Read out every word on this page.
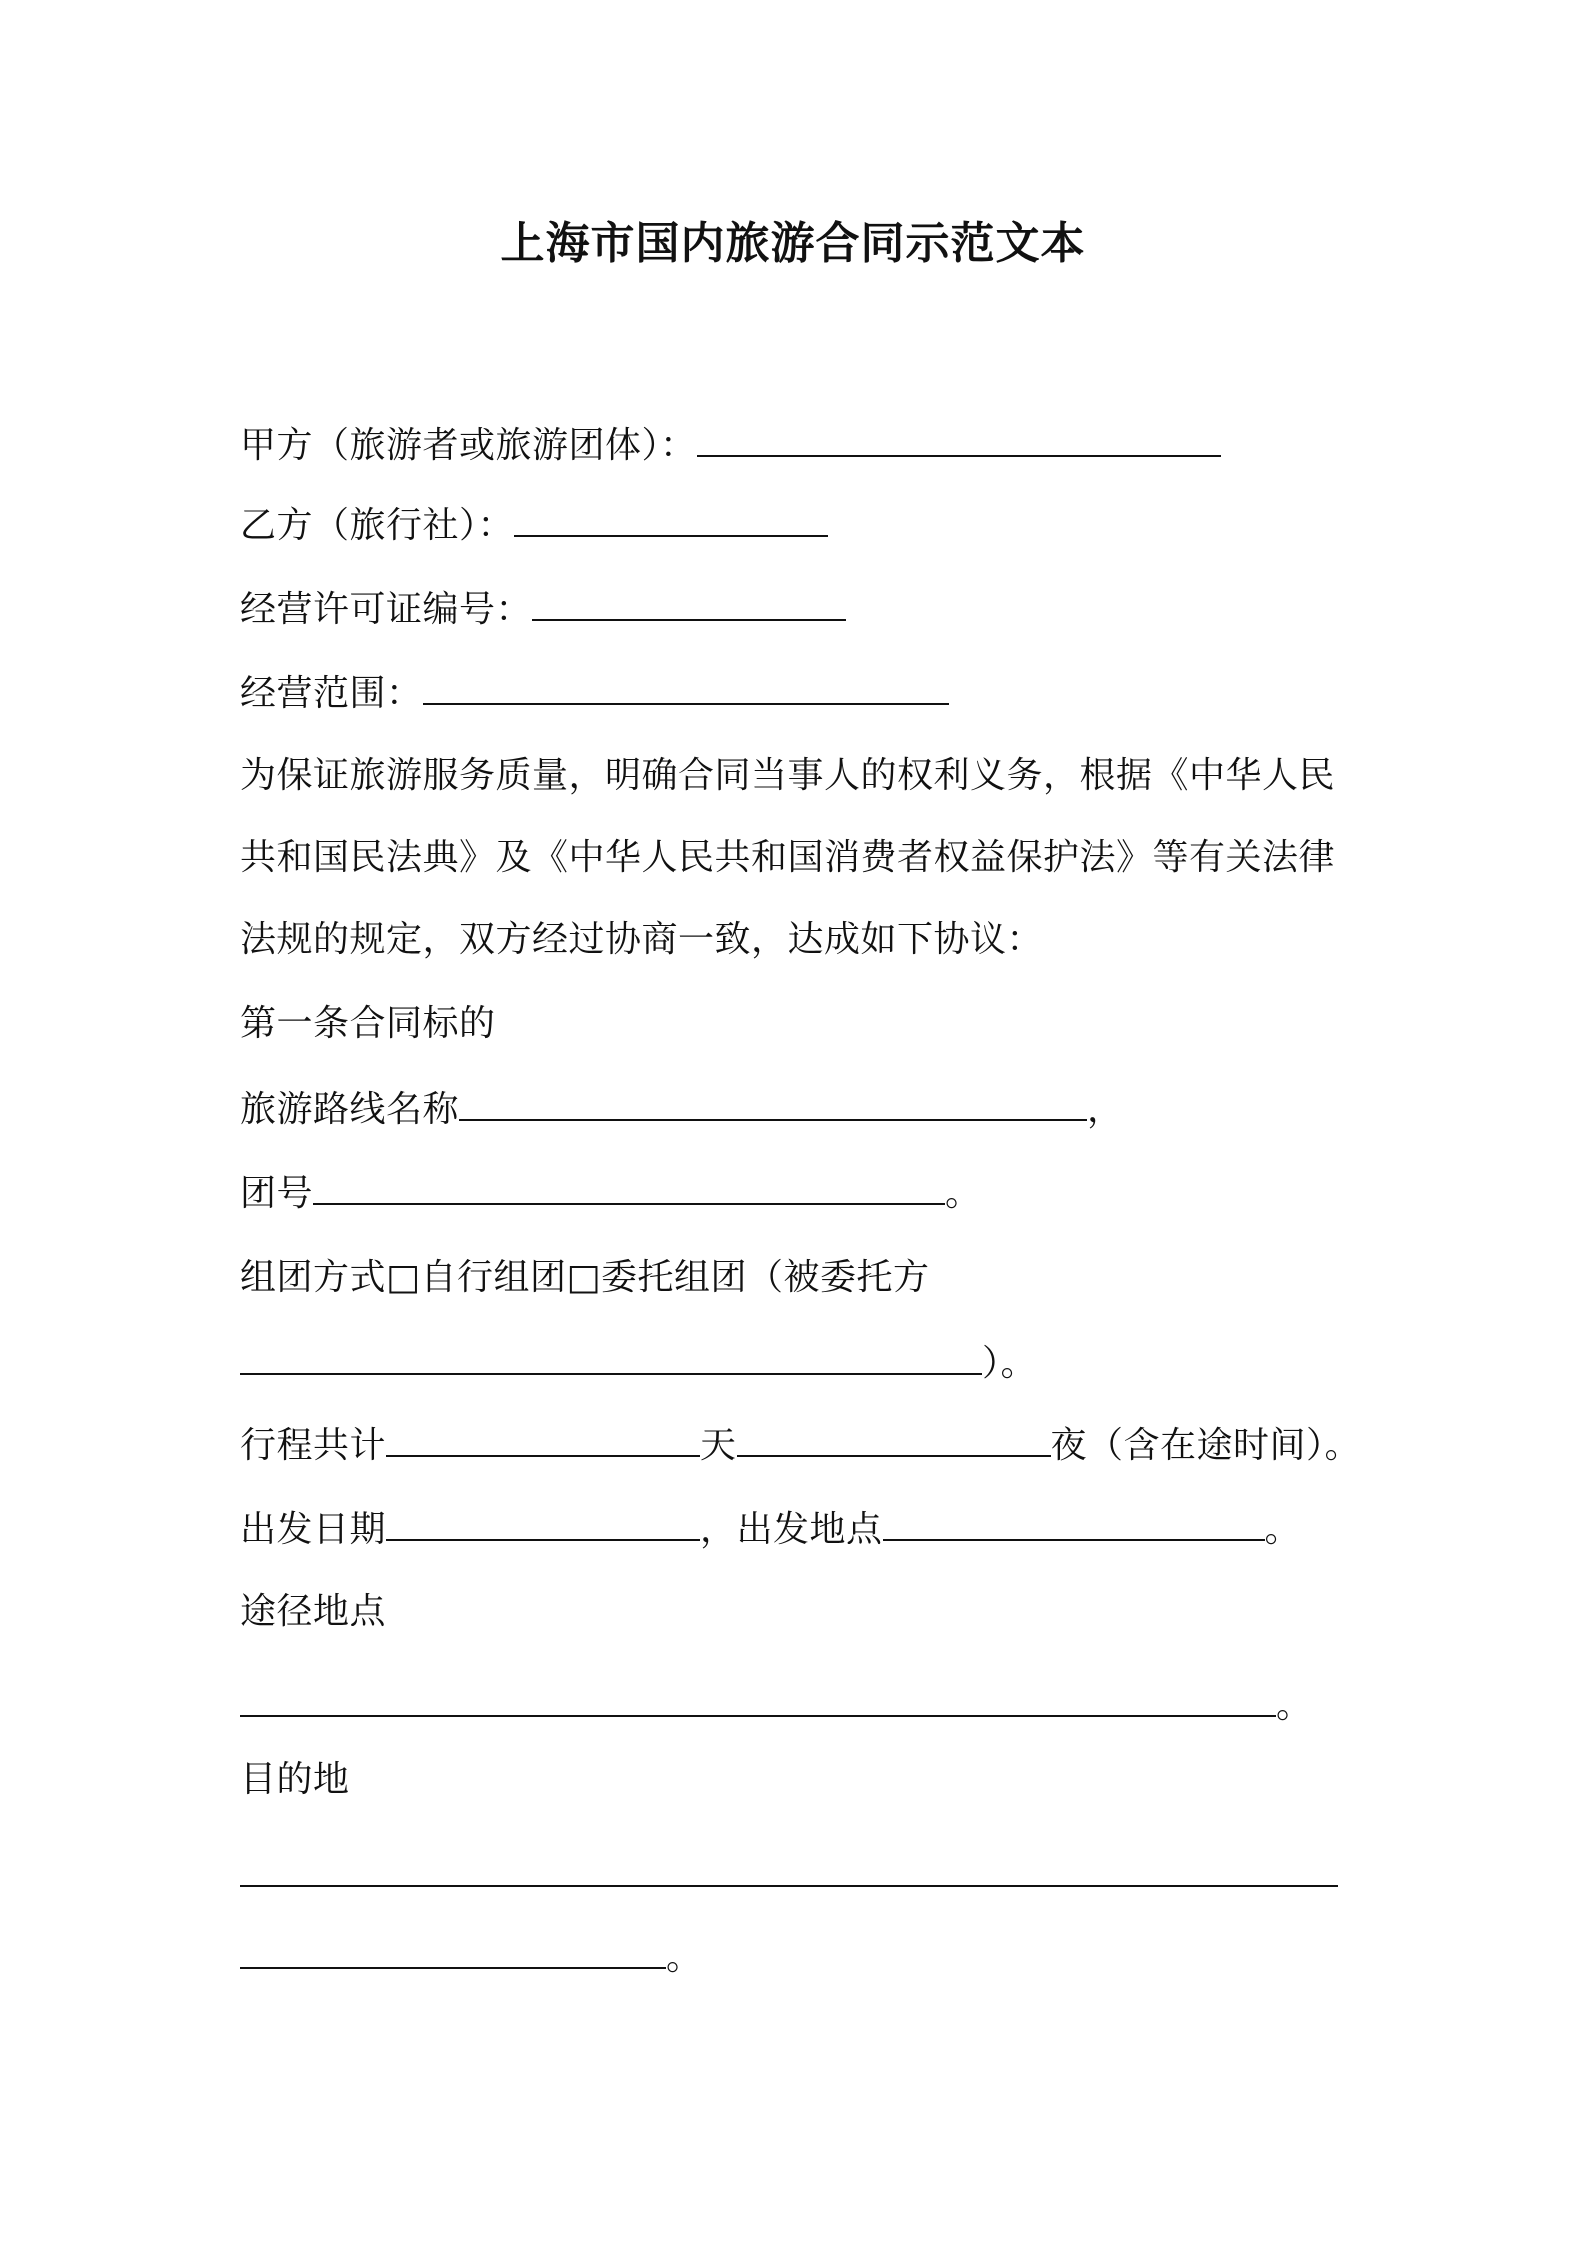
上海市国内旅游合同示范文本
甲方（旅游者或旅游团体）：
乙方（旅行社）：
经营许可证编号：
经营范围：
为保证旅游服务质量，明确合同当事人的权利义务，根据《中华人民
共和国民法典》及《中华人民共和国消费者权益保护法》等有关法律
法规的规定，双方经过协商一致，达成如下协议：
第一条合同标的
旅游路线名称	，
团号	。
组团方式□自行组团□委托组团（被委托方
）。
行程共计	天	夜（含在途时间）。
出发日期	，出发地点	。
途径地点
。
目的地
。
